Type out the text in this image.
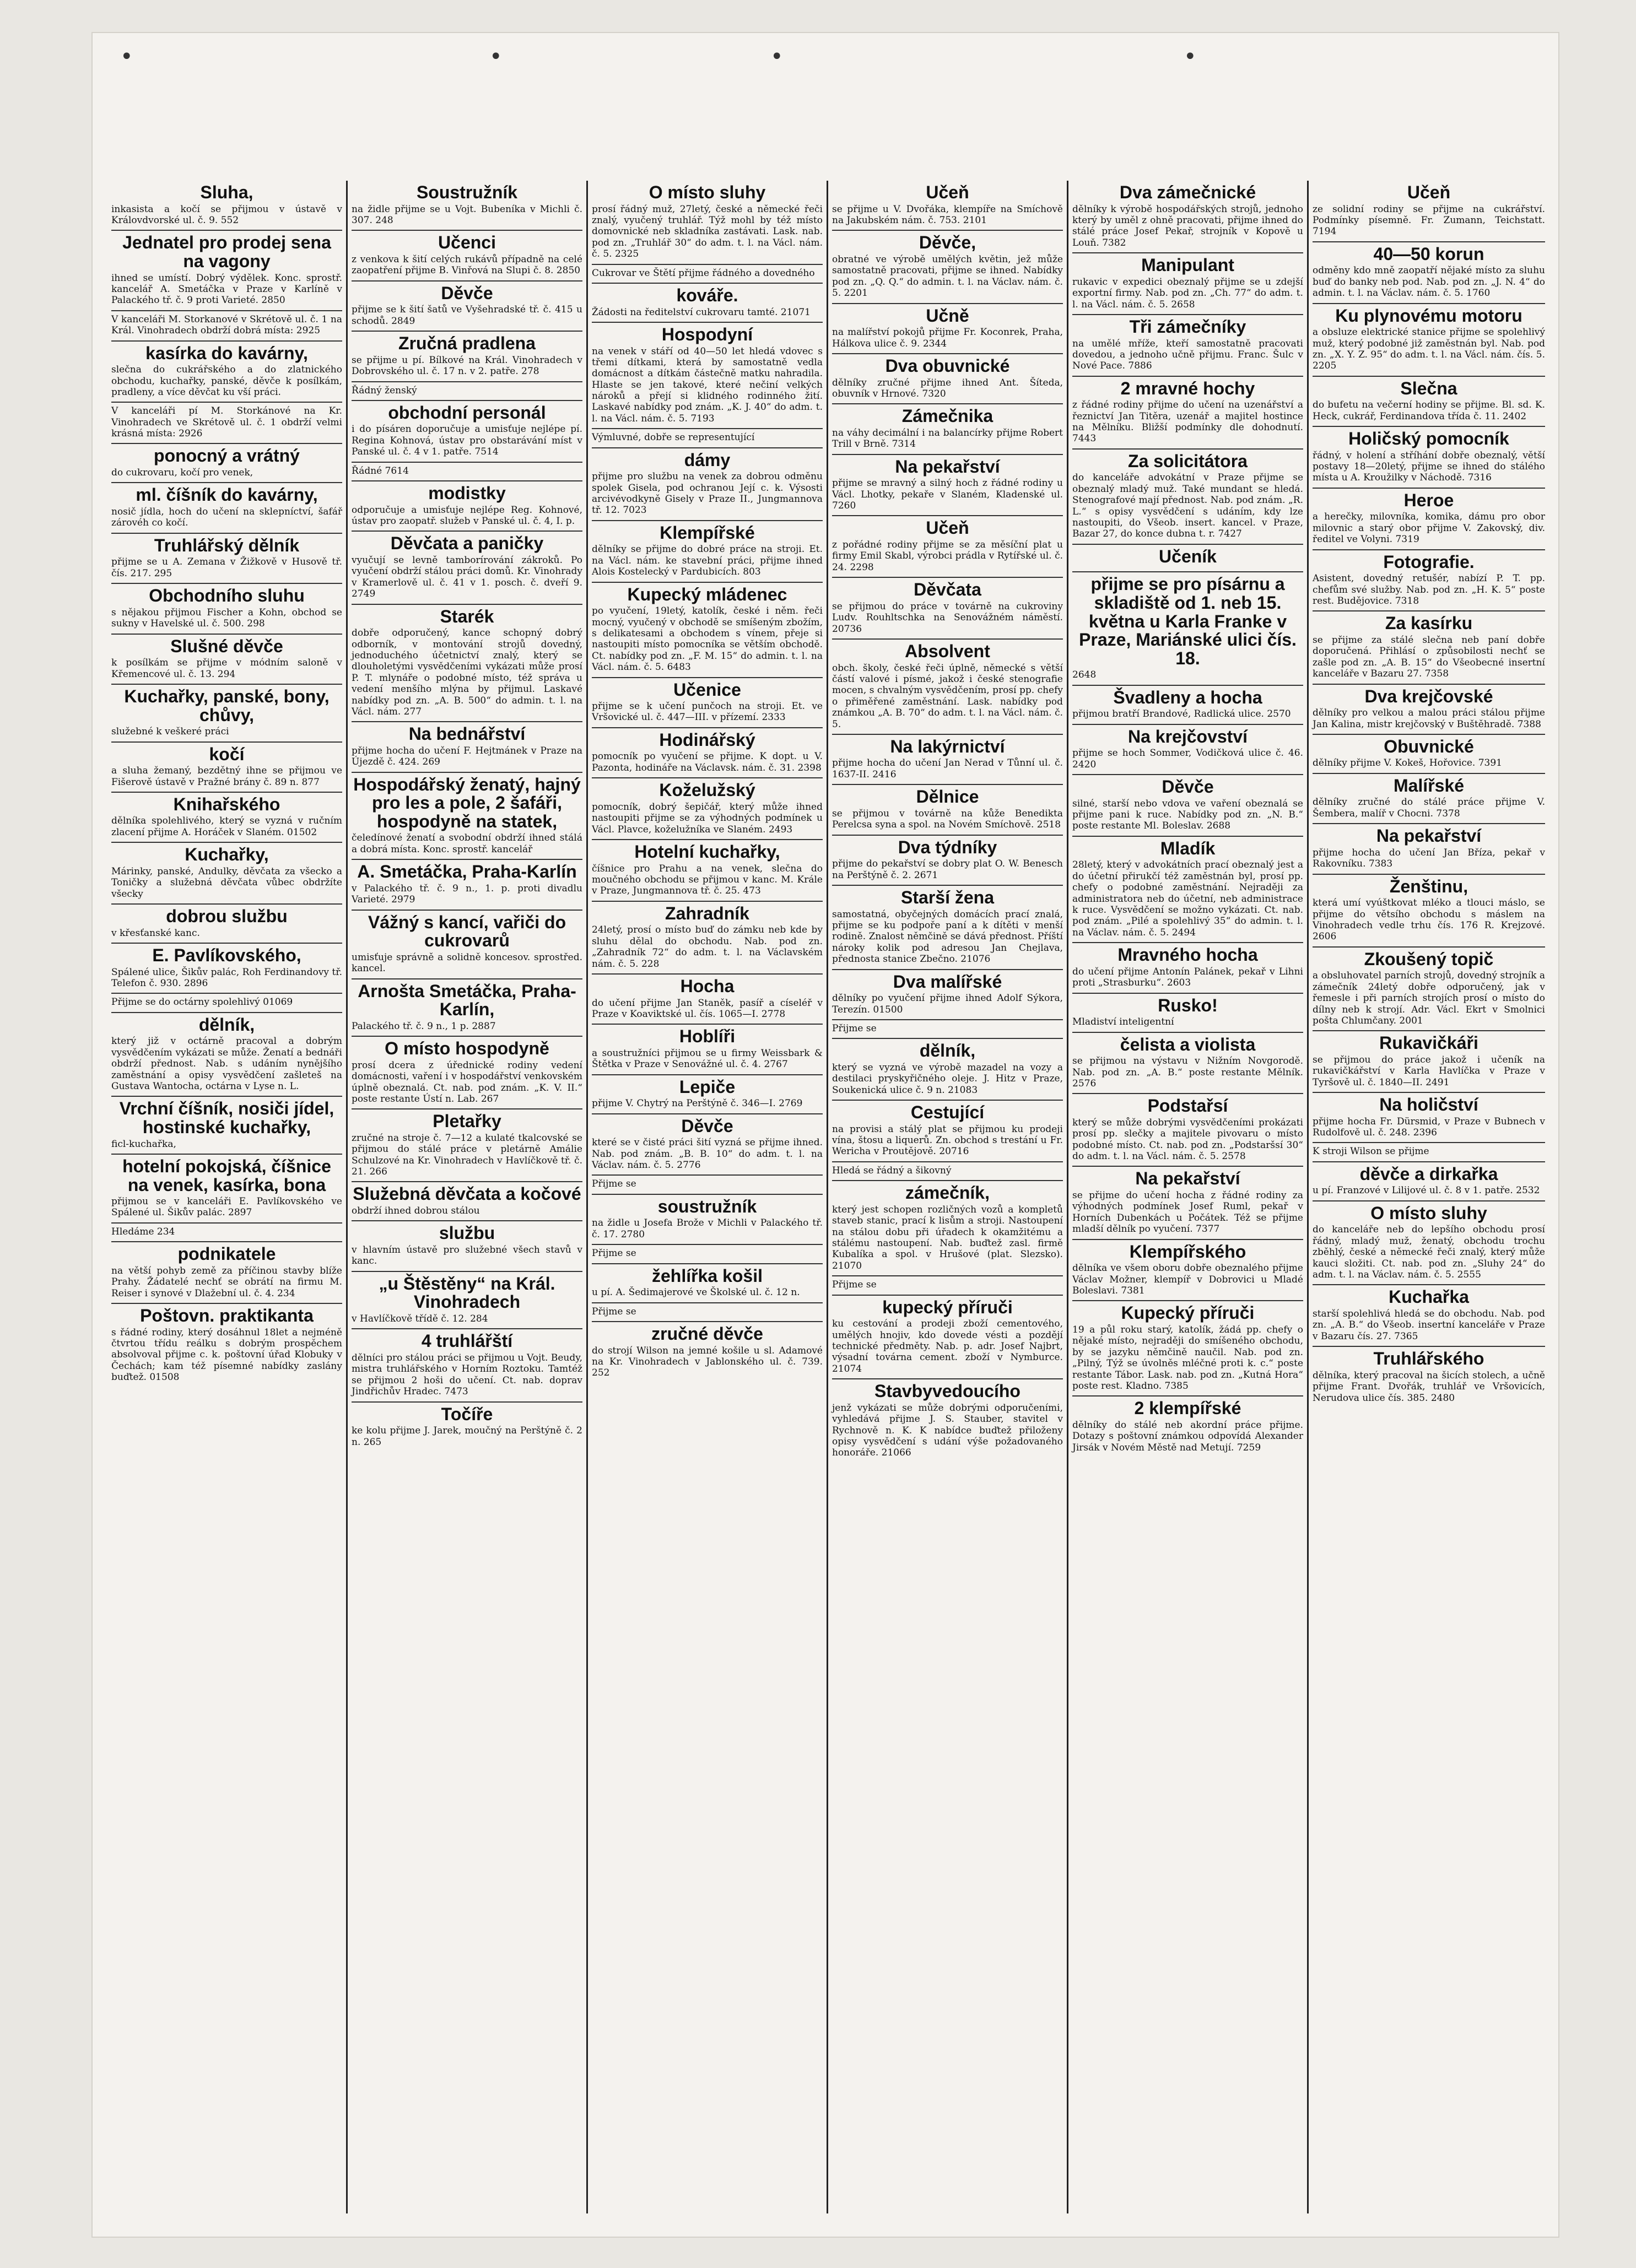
•	•	•	•
Sluha,

inkasista a kočí se přijmou v ústavě v Královdvorské ul. č. 9. 552

Jednatel pro prodej sena na vagony

ihned se umístí. Dobrý výdělek. Konc. sprostř. kancelář A. Smetáčka v Praze v Karlíně v Palackého tř. č. 9 proti Varieté. 2850

V kanceláři M. Storkanové v Skrétově ul. č. 1 na Král. Vinohradech obdrží dobrá místa: 2925

kasírka do kavárny,

slečna do cukrářského a do zlatnického obchodu, kuchařky, panské, děvče k posílkám, pradleny, a více děvčat ku vší práci.

V kanceláři pí M. Storkánové na Kr. Vinohradech ve Skrétově ul. č. 1 obdrží velmi krásná místa: 2926

ponocný a vrátný

do cukrovaru, kočí pro venek,

ml. číšník do kavárny,

nosič jídla, hoch do učení na sklepníctví, šafář zárovéh co kočí.

Truhlářský dělník

přijme se u A. Zemana v Žižkově v Husově tř. čís. 217. 295

Obchodního sluhu

s nějakou přijmou Fischer a Kohn, obchod se sukny v Havelské ul. č. 500. 298

Slušné děvče

k posílkám se přijme v módním saloně v Křemencové ul. č. 13. 294

Kuchařky, panské, bony, chůvy,

služebné k veškeré práci

kočí

a sluha žemaný, bezdětný ihne se přijmou ve Fišerově ústavě v Pražné brány č. 89 n. 877

Knihařského

dělníka spolehlivého, který se vyzná v ručním zlacení přijme A. Horáček v Slaném. 01502

Kuchařky,

Márinky, panské, Andulky, děvčata za všecko a Toničky a služebná děvčata vůbec obdržíte všecky

dobrou službu

v křesťanské kanc.

E. Pavlíkovského,

Spálené ulice, Šikův palác, Roh Ferdinandovy tř. Telefon č. 930. 2896

Přijme se do octárny spolehlivý 01069

dělník,

který již v octárně pracoval a dobrým vysvědčením vykázati se může. Ženatí a bednáři obdrží přednost. Nab. s udáním nynějšího zaměstnání a opisy vysvědčení zašleteš na Gustava Wantocha, octárna v Lyse n. L.

Vrchní číšník, nosiči jídel, hostinské kuchařky,

ficl-kuchařka,

hotelní pokojská, číšnice na venek, kasírka, bona

přijmou se v kanceláři E. Pavlíkovského ve Spálené ul. Šikův palác. 2897

Hledáme 234

podnikatele

na větší pohyb země za příčinou stavby blíže Prahy. Žádatelé nechť se obrátí na firmu M. Reiser i synové v Dlažební ul. č. 4. 234

Poštovn. praktikanta

s řádné rodiny, který dosáhnul 18let a nejméně čtvrtou třídu reálku s dobrým prospěchem absolvoval přijme c. k. poštovní úřad Klobuky v Čechách; kam též písemné nabídky zaslány buďtež. 01508

Soustružník

na židle přijme se u Vojt. Bubeníka v Michli č. 307. 248

Učenci

z venkova k šití celých rukávů případně na celé zaopatření přijme B. Vinřová na Slupi č. 8. 2850

Děvče

přijme se k šití šatů ve Vyšehradské tř. č. 415 u schodů. 2849

Zručná pradlena

se přijme u pí. Bílkové na Král. Vinohradech v Dobrovského ul. č. 17 n. v 2. patře. 278

Řádný ženský

obchodní personál

i do písáren doporučuje a umisťuje nejlépe pí. Regina Kohnová, ústav pro obstarávání míst v Panské ul. č. 4 v 1. patře. 7514

Řádné 7614

modistky

odporučuje a umisťuje nejlépe Reg. Kohnové, ústav pro zaopatř. služeb v Panské ul. č. 4, I. p.

Děvčata a paničky

vyučují se levně tamborírování zákroků. Po vyučení obdrží stálou práci domů. Kr. Vinohrady v Kramerlově ul. č. 41 v 1. posch. č. dveří 9. 2749

Starék

dobře odporučený, kance schopný dobrý odborník, v montování strojů dovedný, jednoduchého účetnictví znalý, který se dlouholetými vysvědčeními vykázati může prosí P. T. mlynáře o podobné místo, též správa u vedení menšího mlýna by přijmul. Laskavé nabídky pod zn. „A. B. 500“ do admin. t. l. na Václ. nám. 277

Na bednářství

přijme hocha do učení F. Hejtmánek v Praze na Újezdě č. 424. 269

Hospodářský ženatý, hajný pro les a pole, 2 šafáři, hospodyně na statek,

čeledínové ženatí a svobodní obdrží ihned stálá a dobrá místa. Konc. sprostř. kancelář

A. Smetáčka, Praha-Karlín

v Palackého tř. č. 9 n., 1. p. proti divadlu Varieté. 2979

Vážný s kancí, vařiči do cukrovarů

umisťuje správně a solidně koncesov. sprostřed. kancel.

Arnošta Smetáčka, Praha-Karlín,

Palackého tř. č. 9 n., 1 p. 2887

O místo hospodyně

prosí dcera z úřednické rodiny vedení domácnosti, vaření i v hospodářství venkovském úplně obeznalá. Ct. nab. pod znám. „K. V. II.“ poste restante Ústí n. Lab. 267

Pletařky

zručné na stroje č. 7—12 a kulaté tkalcovské se přijmou do stálé práce v pletárně Amálie Schulzové na Kr. Vinohradech v Havlíčkově tř. č. 21. 266

Služebná děvčata a kočové

obdrží ihned dobrou stálou

službu

v hlavním ústavě pro služebné všech stavů v kanc.

„u Štěstěny“ na Král. Vinohradech

v Havlíčkově třídě č. 12. 284

4 truhlářští

dělníci pro stálou práci se přijmou u Vojt. Beudy, mistra truhlářského v Horním Roztoku. Tamtéž se přijmou 2 hoši do učení. Ct. nab. doprav Jindřichův Hradec. 7473

Točíře

ke kolu přijme J. Jarek, moučný na Perštýně č. 2 n. 265

O místo sluhy

prosí řádný muž, 27letý, české a německé řeči znalý, vyučený truhlář. Týž mohl by též místo domovnické neb skladníka zastávati. Lask. nab. pod zn. „Truhlář 30“ do adm. t. l. na Václ. nám. č. 5. 2325

Cukrovar ve Štětí přijme řádného a dovedného

kováře.

Žádosti na ředitelství cukrovaru tamté. 21071

Hospodyní

na venek v stáří od 40—50 let hledá vdovec s třemi dítkami, která by samostatně vedla domácnost a dítkám částečně matku nahradila. Hlaste se jen takové, které nečiní velkých nároků a přejí si klidného rodinného žití. Laskavé nabídky pod znám. „K. J. 40“ do adm. t. l. na Václ. nám. č. 5. 7193

Výmluvné, dobře se representující

dámy

přijme pro službu na venek za dobrou odměnu spolek Gisela, pod ochranou Její c. k. Výsosti arcivévodkyně Gisely v Praze II., Jungmannova tř. 12. 7023

Klempířské

dělníky se přijme do dobré práce na stroji. Et. na Václ. nám. ke stavební práci, přijme ihned Alois Kostelecký v Pardubicích. 803

Kupecký mládenec

po vyučení, 19letý, katolík, české i něm. řeči mocný, vyučený v obchodě se smíšeným zbožím, s delikatesami a obchodem s vínem, přeje si nastoupiti místo pomocníka se větším obchodě. Ct. nabídky pod zn. „F. M. 15“ do admin. t. l. na Václ. nám. č. 5. 6483

Učenice

přijme se k učení punčoch na stroji. Et. ve Vršovické ul. č. 447—III. v přízemí. 2333

Hodinářský

pomocník po vyučení se přijme. K dopt. u V. Pazonta, hodináře na Václavsk. nám. č. 31. 2398

Koželužský

pomocník, dobrý šepičář, který může ihned nastoupiti přijme se za výhodných podmínek u Václ. Plavce, koželužníka ve Slaném. 2493

Hotelní kuchařky,

číšnice pro Prahu a na venek, slečna do moučného obchodu se přijmou v kanc. M. Krále v Praze, Jungmannova tř. č. 25. 473

Zahradník

24letý, prosí o místo buď do zámku neb kde by sluhu dělal do obchodu. Nab. pod zn. „Zahradník 72“ do adm. t. l. na Václavském nám. č. 5. 228

Hocha

do učení přijme Jan Staněk, pasíř a císeléř v Praze v Koaviktské ul. čís. 1065—I. 2778

Hoblíři

a soustružníci přijmou se u firmy Weissbark & Štětka v Praze v Senovážné ul. č. 4. 2767

Lepiče

přijme V. Chytrý na Perštýně č. 346—I. 2769

Děvče

které se v čisté práci šití vyzná se přijme ihned. Nab. pod znám. „B. B. 10“ do adm. t. l. na Václav. nám. č. 5. 2776

Přijme se

soustružník

na židle u Josefa Brože v Michli v Palackého tř. č. 17. 2780

Přijme se

žehlířka košil

u pí. A. Šedimajerové ve Školské ul. č. 12 n.

Přijme se

zručné děvče

do strojí Wilson na jemné košile u sl. Adamové na Kr. Vinohradech v Jablonského ul. č. 739. 252

Učeň

se přijme u V. Dvořáka, klempíře na Smíchově na Jakubském nám. č. 753. 2101

Děvče,

obratné ve výrobě umělých květin, jež může samostatně pracovati, přijme se ihned. Nabídky pod zn. „Q. Q.“ do admin. t. l. na Václav. nám. č. 5. 2201

Učně

na malířství pokojů přijme Fr. Koconrek, Praha, Hálkova ulice č. 9. 2344

Dva obuvnické

dělníky zručné přijme ihned Ant. Šíteda, obuvník v Hrnové. 7320

Zámečnika

na váhy decimální i na balancírky přijme Robert Trill v Brně. 7314

Na pekařství

přijme se mravný a silný hoch z řádné rodiny u Václ. Lhotky, pekaře v Slaném, Kladenské ul. 7260

Učeň

z pořádné rodiny přijme se za měsíční plat u firmy Emil Skabl, výrobci prádla v Rytířské ul. č. 24. 2298

Děvčata

se přijmou do práce v továrně na cukroviny Ludv. Rouhltschka na Senovážném náměstí. 20736

Absolvent

obch. školy, české řeči úplně, německé s větší částí valové i písmé, jakož i české stenografie mocen, s chvalným vysvědčením, prosí pp. chefy o přiměřené zaměstnání. Lask. nabídky pod známkou „A. B. 70“ do adm. t. l. na Václ. nám. č. 5.

Na lakýrnictví

přijme hocha do učení Jan Nerad v Tůnní ul. č. 1637-II. 2416

Dělnice

se přijmou v továrně na kůže Benedikta Perelcsa syna a spol. na Novém Smíchově. 2518

Dva týdníky

přijme do pekařství se dobry plat O. W. Benesch na Perštýně č. 2. 2671

Starší žena

samostatná, obyčejných domácích prací znalá, přijme se ku podpoře paní a k dítěti v menší rodině. Znalost němčině se dává přednost. Příští nároky kolik pod adresou Jan Chejlava, přednosta stanice Zbečno. 21076

Dva malířské

dělníky po vyučení přijme ihned Adolf Sýkora, Terezín. 01500

Přijme se

dělník,

který se vyzná ve výrobě mazadel na vozy a destilaci pryskyřičného oleje. J. Hitz v Praze, Soukenická ulice č. 9 n. 21083

Cestující

na provisi a stálý plat se přijmou ku prodeji vína, štosu a liquerů. Zn. obchod s trestání u Fr. Wericha v Proutějově. 20716

Hledá se řádný a šikovný

zámečník,

který jest schopen rozličných vozů a kompletů staveb stanic, prací k lisům a stroji. Nastoupení na stálou dobu při úřadech k okamžitému a stálému nastoupení. Nab. buďtež zasl. firmě Kubalíka a spol. v Hrušové (plat. Slezsko). 21070

Přijme se

kupecký příruči

ku cestování a prodeji zboží cementového, umělých hnojiv, kdo dovede vésti a pozdějí technické předměty. Nab. p. adr. Josef Najbrt, výsadní továrna cement. zboží v Nymburce. 21074

Stavbyvedoucího

jenž vykázati se může dobrými odporučeními, vyhledává přijme J. S. Stauber, stavitel v Rychnově n. K. K nabídce buďtež přiloženy opisy vysvědčení s udání výše požadovaného honoráře. 21066

Dva zámečnické

dělníky k výrobě hospodářských strojů, jednoho který by uměl z ohně pracovati, přijme ihned do stálé práce Josef Pekař, strojník v Kopově u Louň. 7382

Manipulant

rukavic v expedici obeznalý přijme se u zdejší exportní firmy. Nab. pod zn. „Ch. 77“ do adm. t. l. na Václ. nám. č. 5. 2658

Tři zámečníky

na umělé mříže, kteří samostatně pracovati dovedou, a jednoho učně přijmu. Franc. Šulc v Nové Pace. 7886

2 mravné hochy

z řádné rodiny přijme do učení na uzenářství a řeznictví Jan Titěra, uzenář a majitel hostince na Mělníku. Bližší podmínky dle dohodnutí. 7443

Za solicitátora

do kanceláře advokátní v Praze přijme se obeznalý mladý muž. Také mundant se hledá. Stenografové mají přednost. Nab. pod znám. „R. L.“ s opisy vysvědčení s udáním, kdy lze nastoupiti, do Všeob. insert. kancel. v Praze, Bazar 27, do konce dubna t. r. 7427

Učeník
přijme se pro písárnu a skladiště od 1. neb 15. května u Karla Franke v Praze, Mariánské ulici čís. 18.

2648

Švadleny a hocha

přijmou bratří Brandové, Radlická ulice. 2570

Na krejčovství

přijme se hoch Sommer, Vodičková ulice č. 46. 2420

Děvče

silné, starší nebo vdova ve vaření obeznalá se přijme pani k ruce. Nabídky pod zn. „N. B.“ poste restante Ml. Boleslav. 2688

Mladík

28letý, který v advokátních prací obeznalý jest a do účetní přirukčí též zaměstnán byl, prosí pp. chefy o podobné zaměstnání. Nejraději za administratora neb do účetní, neb administrace k ruce. Vysvědčení se možno vykázati. Ct. nab. pod znám. „Pilé a spolehlivý 35“ do admin. t. l. na Václav. nám. č. 5. 2494

Mravného hocha

do učení přijme Antonín Palánek, pekař v Lihni proti „Strasburku“. 2603

Rusko!

Mladiství inteligentní

čelista a violista

se přijmou na výstavu v Nižním Novgorodě. Nab. pod zn. „A. B.“ poste restante Mělník. 2576

Podstařsí

který se může dobrými vysvědčeními prokázati prosí pp. slečky a majitele pivovaru o místo podobné místo. Ct. nab. pod zn. „Podstaršsí 30“ do adm. t. l. na Václ. nám. č. 5. 2578

Na pekařství

se přijme do učení hocha z řádné rodiny za výhodných podmínek Josef Ruml, pekař v Horních Dubenkách u Počátek. Též se přijme mladší dělník po vyučení. 7377

Klempířského

dělníka ve všem oboru dobře obeznalého přijme Václav Možner, klempíř v Dobrovici u Mladé Boleslavi. 7381

Kupecký příruči

19 a půl roku starý, katolík, žádá pp. chefy o nějaké místo, nejraději do smíšeného obchodu, by se jazyku němčině naučil. Nab. pod zn. „Pilný, Týž se úvolněs mléčné proti k. c.“ poste restante Tábor. Lask. nab. pod zn. „Kutná Hora“ poste rest. Kladno. 7385

2 klempířské

dělníky do stálé neb akordní práce přijme. Dotazy s poštovní známkou odpovídá Alexander Jirsák v Novém Městě nad Metují. 7259

Učeň

ze solidní rodiny se přijme na cukrářství. Podmínky písemně. Fr. Zumann, Teichstatt. 7194

40—50 korun

odměny kdo mně zaopatří nějaké místo za sluhu buď do banky neb pod. Nab. pod zn. „J. N. 4“ do admin. t. l. na Václav. nám. č. 5. 1760

Ku plynovému motoru

a obsluze elektrické stanice přijme se spolehlivý muž, který podobné již zaměstnán byl. Nab. pod zn. „X. Y. Z. 95“ do adm. t. l. na Václ. nám. čís. 5. 2205

Slečna

do bufetu na večerní hodiny se přijme. Bl. sd. K. Heck, cukrář, Ferdinandova třída č. 11. 2402

Holičský pomocník

řádný, v holení a stříhání dobře obeznalý, větší postavy 18—20letý, přijme se ihned do stálého místa u A. Kroužilky v Náchodě. 7316

Heroe

a herečky, milovníka, komika, dámu pro obor milovnic a starý obor přijme V. Zakovský, div. ředitel ve Volyni. 7319

Fotografie.

Asistent, dovedný retušér, nabízí P. T. pp. chefům své služby. Nab. pod zn. „H. K. 5“ poste rest. Budějovice. 7318

Za kasírku

se přijme za stálé slečna neb paní dobře doporučená. Přihlásí o způsobilosti nechť se zašle pod zn. „A. B. 15“ do Všeobecné insertní kanceláře v Bazaru 27. 7358

Dva krejčovské

dělníky pro velkou a malou práci stálou přijme Jan Kalina, mistr krejčovský v Buštěhradě. 7388

Obuvnické

dělníky přijme V. Kokeš, Hořovice. 7391

Malířské

dělníky zručné do stálé práce přijme V. Šembera, malíř v Chocni. 7378

Na pekařství

přijme hocha do učení Jan Bříza, pekař v Rakovníku. 7383

Ženštinu,

která umí vyúštkovat mléko a tlouci máslo, se přijme do větsího obchodu s máslem na Vinohradech vedle trhu čís. 176 R. Krejzové. 2606

Zkoušený topič

a obsluhovatel parních strojů, dovedný strojník a zámečník 24letý dobře odporučený, jak v řemesle i při parních strojích prosí o místo do dílny neb k strojí. Adr. Václ. Ekrt v Smolnici pošta Chlumčany. 2001

Rukavičkáři

se přijmou do práce jakož i učeník na rukavičkářství v Karla Havlíčka v Praze v Tyršově ul. č. 1840—II. 2491

Na holičství

přijme hocha Fr. Dürsmid, v Praze v Bubnech v Rudolfově ul. č. 248. 2396

K stroji Wilson se přijme

děvče a dirkařka

u pí. Franzové v Lilijové ul. č. 8 v 1. patře. 2532

O místo sluhy

do kanceláře neb do lepšího obchodu prosí řádný, mladý muž, ženatý, obchodu trochu zběhlý, české a německé řeči znalý, který může kauci složiti. Ct. nab. pod zn. „Sluhy 24“ do adm. t. l. na Václav. nám. č. 5. 2555

Kuchařka

starší spolehlivá hledá se do obchodu. Nab. pod zn. „A. B.“ do Všeob. insertní kanceláře v Praze v Bazaru čís. 27. 7365

Truhlářského

dělníka, který pracoval na šicích stolech, a učně přijme Frant. Dvořák, truhlář ve Vršovicích, Nerudova ulice čís. 385. 2480
